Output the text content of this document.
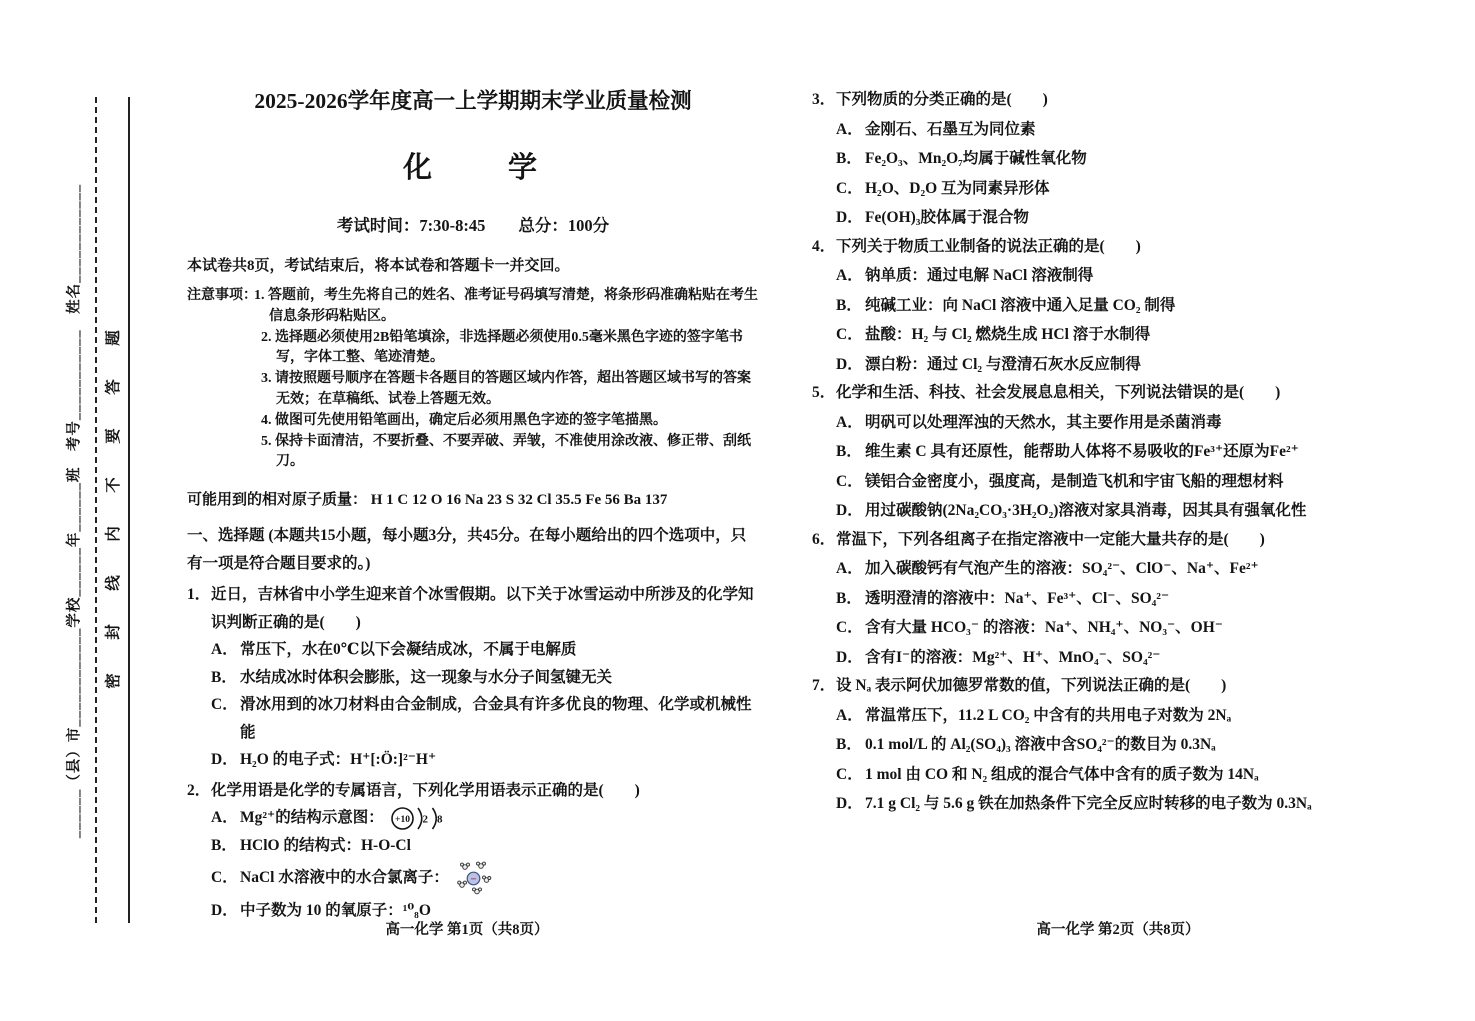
______（县）市____________学校______年______班　考号___________　姓名____________ 密　封　线　内　不　要　答　题
2025-2026学年度高一上学期期末学业质量检测
化　　学
考试时间：7:30-8:45　　总分：100分
本试卷共8页，考试结束后，将本试卷和答题卡一并交回。
注意事项：
1. 答题前，考生先将自己的姓名、准考证号码填写清楚，将条形码准确粘贴在考生信息条形码粘贴区。
2. 选择题必须使用2B铅笔填涂，非选择题必须使用0.5毫米黑色字迹的签字笔书写，字体工整、笔迹清楚。
3. 请按照题号顺序在答题卡各题目的答题区域内作答，超出答题区域书写的答案无效；在草稿纸、试卷上答题无效。
4. 做图可先使用铅笔画出，确定后必须用黑色字迹的签字笔描黑。
5. 保持卡面清洁，不要折叠、不要弄破、弄皱，不准使用涂改液、修正带、刮纸刀。
可能用到的相对原子质量： H 1 C 12 O 16 Na 23 S 32 Cl 35.5 Fe 56 Ba 137
一、选择题 (本题共15小题，每小题3分，共45分。在每小题给出的四个选项中，只有一项是符合题目要求的。)
1．近日，吉林省中小学生迎来首个冰雪假期。以下关于冰雪运动中所涉及的化学知识判断正确的是(　　)
A． 常压下，水在0℃以下会凝结成冰，不属于电解质
B． 水结成冰时体积会膨胀，这一现象与水分子间氢键无关
C． 滑冰用到的冰刀材料由合金制成，合金具有许多优良的物理、化学或机械性能
D． H₂O 的电子式：H⁺[:Ö:]²⁻H⁺
2．化学用语是化学的专属语言，下列化学用语表示正确的是(　　)
A． Mg²⁺的结构示意图： +10 2 8
B． HClO 的结构式：H-O-Cl
C． NaCl 水溶液中的水合氯离子： −
D． 中子数为 10 的氧原子：¹⁰₈O
3．下列物质的分类正确的是(　　)
A． 金刚石、石墨互为同位素
B． Fe₂O₃、Mn₂O₇均属于碱性氧化物
C． H₂O、D₂O 互为同素异形体
D． Fe(OH)₃胶体属于混合物
4．下列关于物质工业制备的说法正确的是(　　)
A． 钠单质：通过电解 NaCl 溶液制得
B． 纯碱工业：向 NaCl 溶液中通入足量 CO₂ 制得
C． 盐酸：H₂ 与 Cl₂ 燃烧生成 HCl 溶于水制得
D． 漂白粉：通过 Cl₂ 与澄清石灰水反应制得
5．化学和生活、科技、社会发展息息相关，下列说法错误的是(　　)
A． 明矾可以处理浑浊的天然水，其主要作用是杀菌消毒
B． 维生素 C 具有还原性，能帮助人体将不易吸收的Fe³⁺还原为Fe²⁺
C． 镁铝合金密度小，强度高，是制造飞机和宇宙飞船的理想材料
D． 用过碳酸钠(2Na₂CO₃·3H₂O₂)溶液对家具消毒，因其具有强氧化性
6．常温下，下列各组离子在指定溶液中一定能大量共存的是(　　)
A． 加入碳酸钙有气泡产生的溶液：SO₄²⁻、ClO⁻、Na⁺、Fe²⁺
B． 透明澄清的溶液中：Na⁺、Fe³⁺、Cl⁻、SO₄²⁻
C． 含有大量 HCO₃⁻ 的溶液：Na⁺、NH₄⁺、NO₃⁻、OH⁻
D． 含有I⁻的溶液：Mg²⁺、H⁺、MnO₄⁻、SO₄²⁻
7．设 Nₐ 表示阿伏加德罗常数的值，下列说法正确的是(　　)
A． 常温常压下，11.2 L CO₂ 中含有的共用电子对数为 2Nₐ
B． 0.1 mol/L 的 Al₂(SO₄)₃ 溶液中含SO₄²⁻的数目为 0.3Nₐ
C． 1 mol 由 CO 和 N₂ 组成的混合气体中含有的质子数为 14Nₐ
D． 7.1 g Cl₂ 与 5.6 g 铁在加热条件下完全反应时转移的电子数为 0.3Nₐ
高一化学 第1页（共8页）	高一化学 第2页（共8页）
